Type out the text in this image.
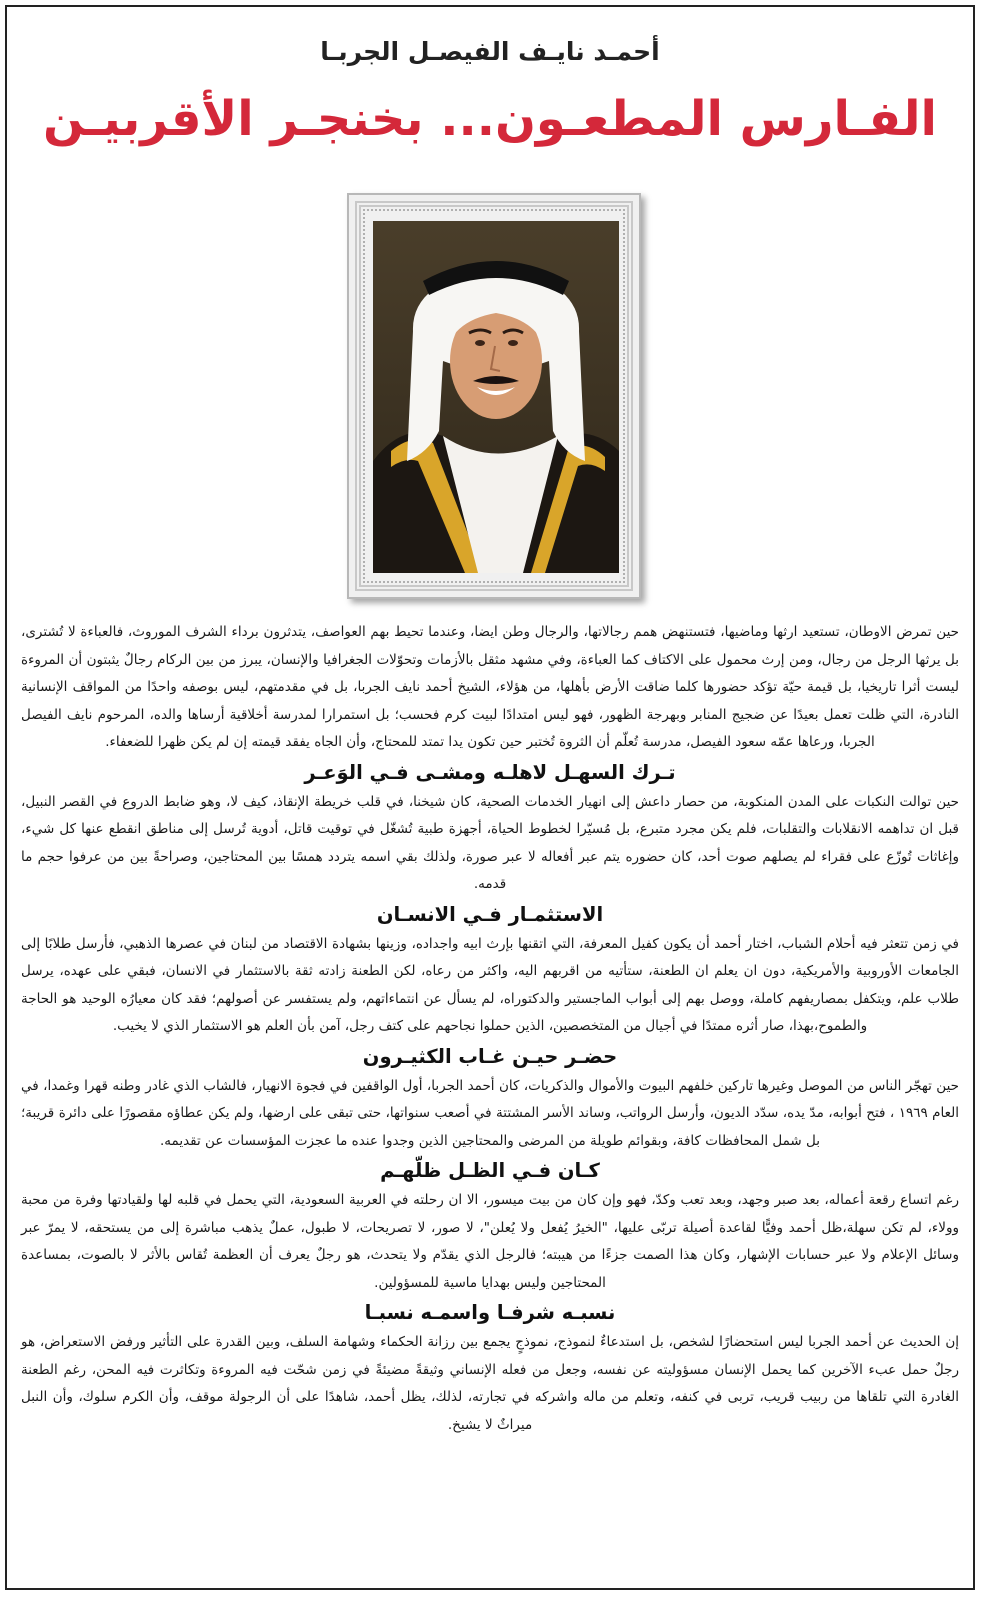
أحمـد نايـف الفيصـل الجربـا
الفـارس المطعـون... بخنجـر الأقربيـن

حين تمرض الاوطان، تستعيد ارثها وماضيها، فتستنهض همم رجالاتها، والرجال وطن ايضا، وعندما تحيط بهم العواصف، يتدثرون برداء الشرف الموروث، فالعباءة لا تُشترى، بل يرثها الرجل من رجال، ومن إرث محمول على الاكتاف كما العباءة، وفي مشهد مثقل بالأزمات وتحوّلات الجغرافيا والإنسان، يبرز من بين الركام رجالٌ يثبتون أن المروءة ليست أثرا تاريخيا، بل قيمة حيّة تؤكد حضورها كلما ضاقت الأرض بأهلها، من هؤلاء، الشيخ أحمد نايف الجربا، بل في مقدمتهم، ليس بوصفه واحدًا من المواقف الإنسانية النادرة، التي ظلت تعمل بعيدًا عن ضجيج المنابر وبهرجة الظهور، فهو ليس امتدادًا لبيت كرم فحسب؛ بل استمرارا لمدرسة أخلاقية أرساها والده، المرحوم نايف الفيصل الجربا، ورعاها عمّه سعود الفيصل، مدرسة تُعلّم أن الثروة تُختبر حين تكون يدا تمتد للمحتاج، وأن الجاه يفقد قيمته إن لم يكن ظهرا للضعفاء.

تـرك السهـل لاهلـه ومشـى فـي الوَعـر

حين توالت النكبات على المدن المنكوبة، من حصار داعش إلى انهيار الخدمات الصحية، كان شيخنا، في قلب خريطة الإنقاذ، كيف لا، وهو ضابط الدروع في القصر النبيل، قبل ان تداهمه الانقلابات والتقلبات، فلم يكن مجرد متبرع، بل مُسيّرا لخطوط الحياة، أجهزة طبية تُشغّل في توقيت قاتل، أدوية تُرسل إلى مناطق انقطع عنها كل شيء، وإغاثات تُوزّع على فقراء لم يصلهم صوت أحد، كان حضوره يتم عبر أفعاله لا عبر صورة، ولذلك بقي اسمه يتردد همسًا بين المحتاجين، وصراحةً بين من عرفوا حجم ما قدمه.

الاستثمـار فـي الانسـان

في زمن تتعثر فيه أحلام الشباب، اختار أحمد أن يكون كفيل المعرفة، التي اتقنها بإرث ابيه واجداده، وزينها بشهادة الاقتصاد من لبنان في عصرها الذهبي، فأرسل طلابًا إلى الجامعات الأوروبية والأمريكية، دون ان يعلم ان الطعنة، ستأتيه من اقربهم اليه، واكثر من رعاه، لكن الطعنة زادته ثقة بالاستثمار في الانسان، فبقي على عهده، يرسل طلاب علم، ويتكفل بمصاريفهم كاملة، ووصل بهم إلى أبواب الماجستير والدكتوراه، لم يسأل عن انتماءاتهم، ولم يستفسر عن أصولهم؛ فقد كان معيارُه الوحيد هو الحاجة والطموح،بهذا، صار أثره ممتدًا في أجيال من المتخصصين، الذين حملوا نجاحهم على كتف رجل، آمن بأن العلم هو الاستثمار الذي لا يخيب.

حضـر حيـن غـاب الكثيـرون

حين تهجّر الناس من الموصل وغيرها تاركين خلفهم البيوت والأموال والذكريات، كان أحمد الجربا، أول الواقفين في فجوة الانهيار، فالشاب الذي غادر وطنه قهرا وغمدا، في العام ١٩٦٩ ، فتح أبوابه، مدّ يده، سدّد الديون، وأرسل الرواتب، وساند الأسر المشتتة في أصعب سنواتها، حتى تبقى على ارضها، ولم يكن عطاؤه مقصورًا على دائرة قريبة؛ بل شمل المحافظات كافة، وبقوائم طويلة من المرضى والمحتاجين الذين وجدوا عنده ما عجزت المؤسسات عن تقديمه.

كـان فـي الظـل ظلّهـم

رغم اتساع رقعة أعماله، بعد صبر وجهد، وبعد تعب وكدّ، فهو وإن كان من بيت ميسور، الا ان رحلته في العربية السعودية، التي يحمل في قلبه لها ولقيادتها وفرة من محبة وولاء، لم تكن سهلة،ظل أحمد وفيًّا لقاعدة أصيلة تربّى عليها، "الخيرُ يُفعل ولا يُعلن"، لا صور، لا تصريحات، لا طبول، عملٌ يذهب مباشرة إلى من يستحقه، لا يمرّ عبر وسائل الإعلام ولا عبر حسابات الإشهار، وكان هذا الصمت جزءًا من هيبته؛ فالرجل الذي يقدّم ولا يتحدث، هو رجلٌ يعرف أن العظمة تُقاس بالأثر لا بالصوت، بمساعدة المحتاجين وليس بهدايا ماسية للمسؤولين.

نسبـه شرفـا واسمـه نسبـا

إن الحديث عن أحمد الجربا ليس استحضارًا لشخص، بل استدعاءٌ لنموذج، نموذجٍ يجمع بين رزانة الحكماء وشهامة السلف، وبين القدرة على التأثير ورفض الاستعراض، هو رجلٌ حمل عبء الآخرين كما يحمل الإنسان مسؤوليته عن نفسه، وجعل من فعله الإنساني وثيقةً مضيئةً في زمن شحّت فيه المروءة وتكاثرت فيه المحن، رغم الطعنة الغادرة التي تلقاها من ربيب قريب، تربى في كنفه، وتعلم من ماله واشركه في تجارته، لذلك، يظل أحمد، شاهدًا على أن الرجولة موقف، وأن الكرم سلوك، وأن النبل ميراثٌ لا يشيخ.
